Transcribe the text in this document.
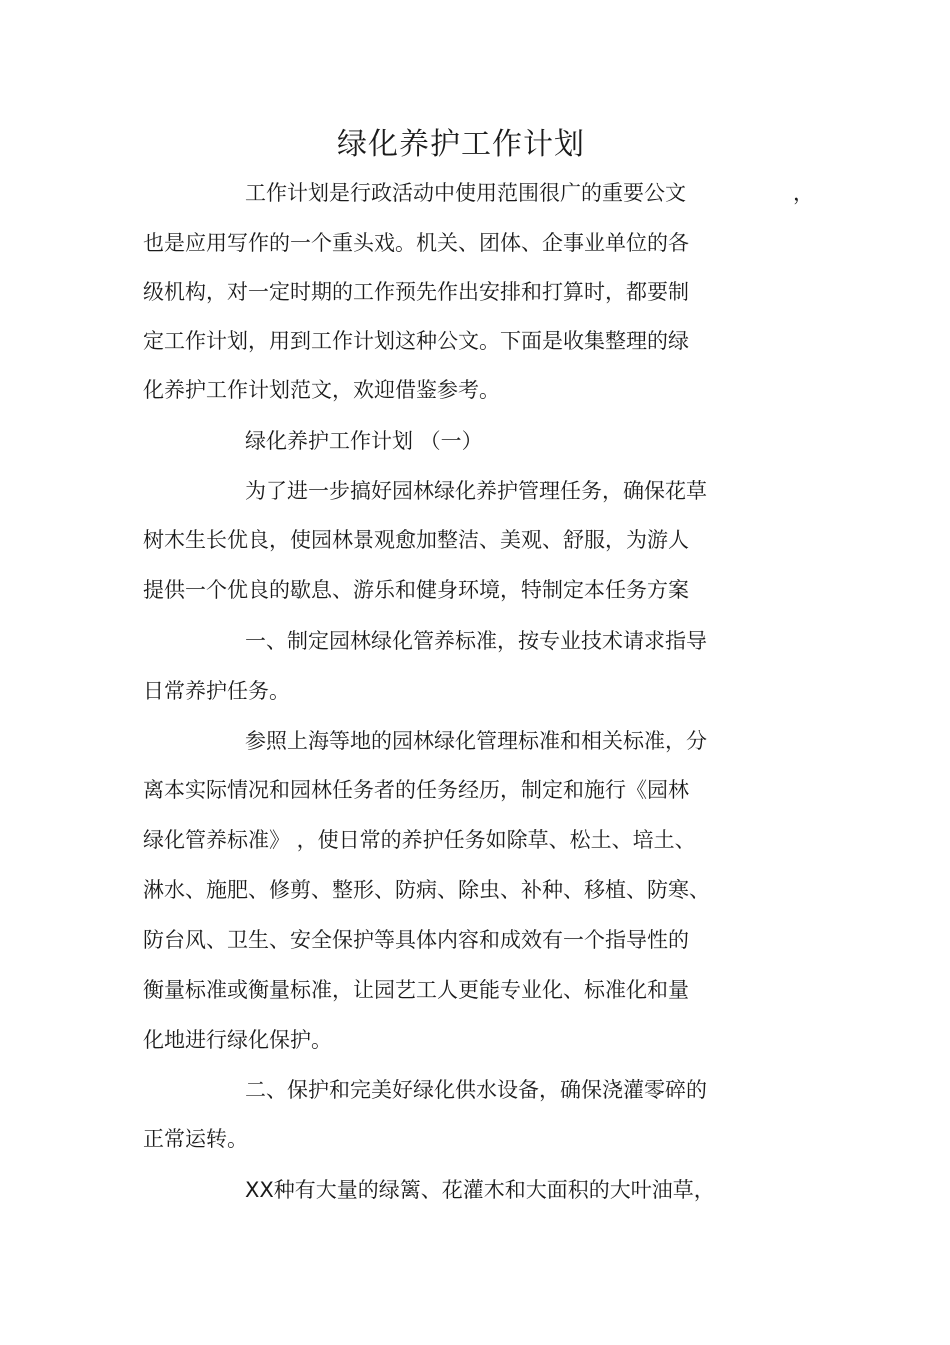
绿化养护工作计划
工作计划是行政活动中使用范围很广的重要公文	，
也是应用写作的一个重头戏。机关、团体、企事业单位的各
级机构，对一定时期的工作预先作出安排和打算时，都要制
定工作计划，用到工作计划这种公文。下面是收集整理的绿
化养护工作计划范文，欢迎借鉴参考。
绿化养护工作计划 （一）
为了进一步搞好园林绿化养护管理任务，确保花草
树木生长优良，使园林景观愈加整洁、美观、舒服，为游人
提供一个优良的歇息、游乐和健身环境，特制定本任务方案
一、制定园林绿化管养标准，按专业技术请求指导
日常养护任务。
参照上海等地的园林绿化管理标准和相关标准，分
离本实际情况和园林任务者的任务经历，制定和施行《园林
绿化管养标准》 ，使日常的养护任务如除草、松土、培土、
淋水、施肥、修剪、整形、防病、除虫、补种、移植、防寒、
防台风、卫生、安全保护等具体内容和成效有一个指导性的
衡量标准或衡量标准，让园艺工人更能专业化、标准化和量
化地进行绿化保护。
二、保护和完美好绿化供水设备，确保浇灌零碎的
正常运转。
XX种有大量的绿篱、花灌木和大面积的大叶油草，
